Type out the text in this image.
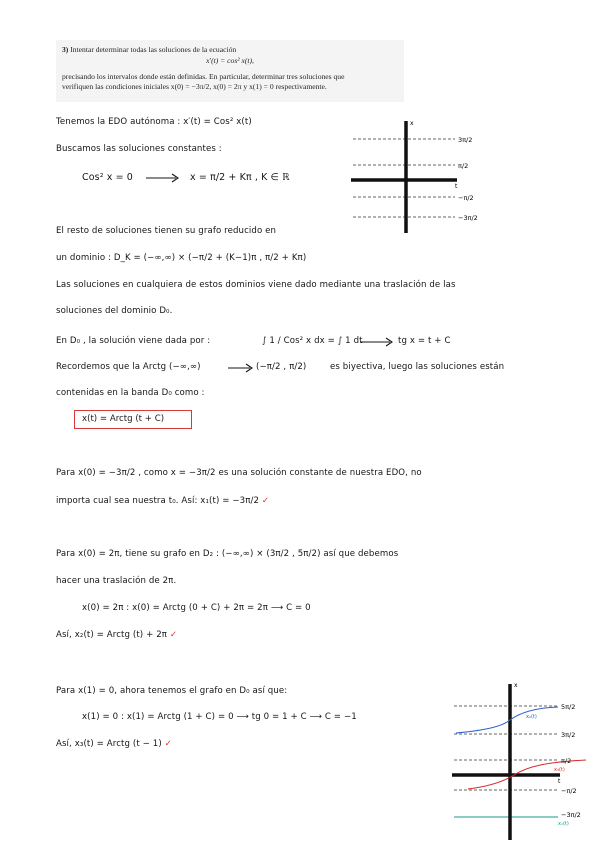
3) Intentar determinar todas las soluciones de la ecuación
x′(t) = cos² x(t),
precisando los intervalos donde están definidas. En particular, determinar tres soluciones que
verifiquen las condiciones iniciales x(0) = −3π/2, x(0) = 2π y x(1) = 0 respectivamente.
Tenemos la EDO autónoma : x′(t) = Cos² x(t)
Buscamos las soluciones constantes :
Cos² x = 0	x = π/2 + Kπ , K ∈ ℝ
El resto de soluciones tienen su grafo reducido en
un dominio : D_K = (−∞,∞) × (−π/2 + (K−1)π , π/2 + Kπ)
Las soluciones en cualquiera de estos dominios viene dado mediante una traslación de las
soluciones del dominio D₀.
En D₀ , la solución viene dada por :	∫ 1 / Cos² x dx = ∫ 1 dt	tg x = t + C
Recordemos que la Arctg (−∞,∞)	(−π/2 , π/2)	es biyectiva, luego las soluciones están
contenidas en la banda D₀ como :
x(t) = Arctg (t + C)
Para x(0) = −3π/2 , como x = −3π/2 es una solución constante de nuestra EDO, no
importa cual sea nuestra t₀. Así: x₁(t) = −3π/2 ✓
Para x(0) = 2π, tiene su grafo en D₂ : (−∞,∞) × (3π/2 , 5π/2) así que debemos
hacer una traslación de 2π.
x(0) = 2π : x(0) = Arctg (0 + C) + 2π = 2π ⟶ C = 0
Así, x₂(t) = Arctg (t) + 2π ✓
Para x(1) = 0, ahora tenemos el grafo en D₀ así que:
x(1) = 0 : x(1) = Arctg (1 + C) = 0 ⟶ tg 0 = 1 + C ⟶ C = −1
Así, x₃(t) = Arctg (t − 1) ✓
x
t
3π/2
π/2
−π/2
−3π/2
x
t
5π/2
3π/2
π/2
−π/2
−3π/2
x₂(t)
x₃(t)
x₁(t)
